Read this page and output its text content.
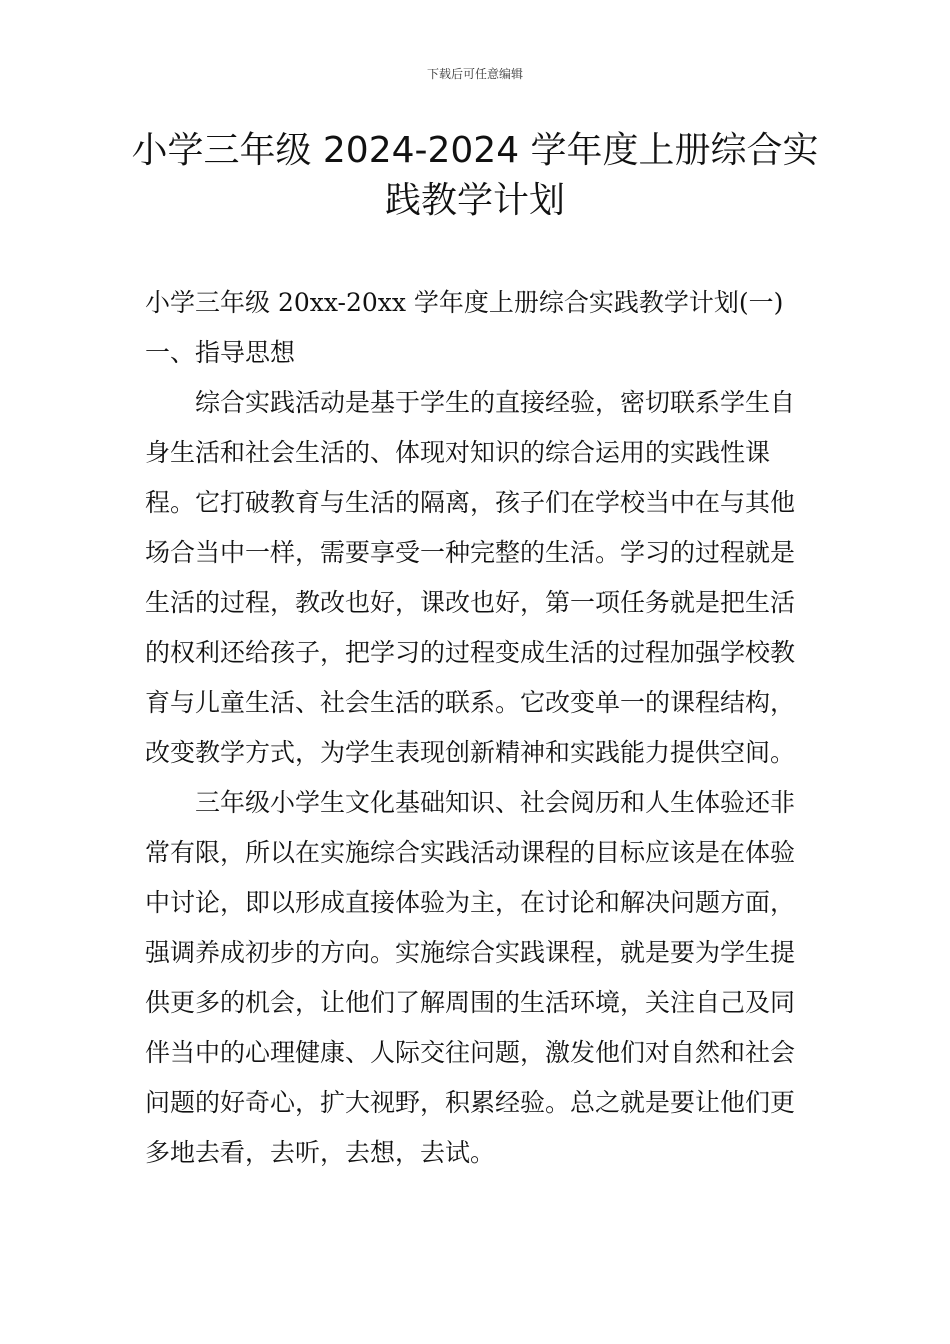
下载后可任意编辑
小学三年级 2024-2024 学年度上册综合实
践教学计划

小学三年级 20xx-20xx 学年度上册综合实践教学计划(一)

一、指导思想

综合实践活动是基于学生的直接经验，密切联系学生自身生活和社会生活的、体现对知识的综合运用的实践性课程。它打破教育与生活的隔离，孩子们在学校当中在与其他场合当中一样，需要享受一种完整的生活。学习的过程就是生活的过程，教改也好，课改也好，第一项任务就是把生活的权利还给孩子，把学习的过程变成生活的过程加强学校教育与儿童生活、社会生活的联系。它改变单一的课程结构，改变教学方式，为学生表现创新精神和实践能力提供空间。

三年级小学生文化基础知识、社会阅历和人生体验还非常有限，所以在实施综合实践活动课程的目标应该是在体验中讨论，即以形成直接体验为主，在讨论和解决问题方面，强调养成初步的方向。实施综合实践课程，就是要为学生提供更多的机会，让他们了解周围的生活环境，关注自己及同伴当中的心理健康、人际交往问题，激发他们对自然和社会问题的好奇心，扩大视野，积累经验。总之就是要让他们更多地去看，去听，去想，去试。
